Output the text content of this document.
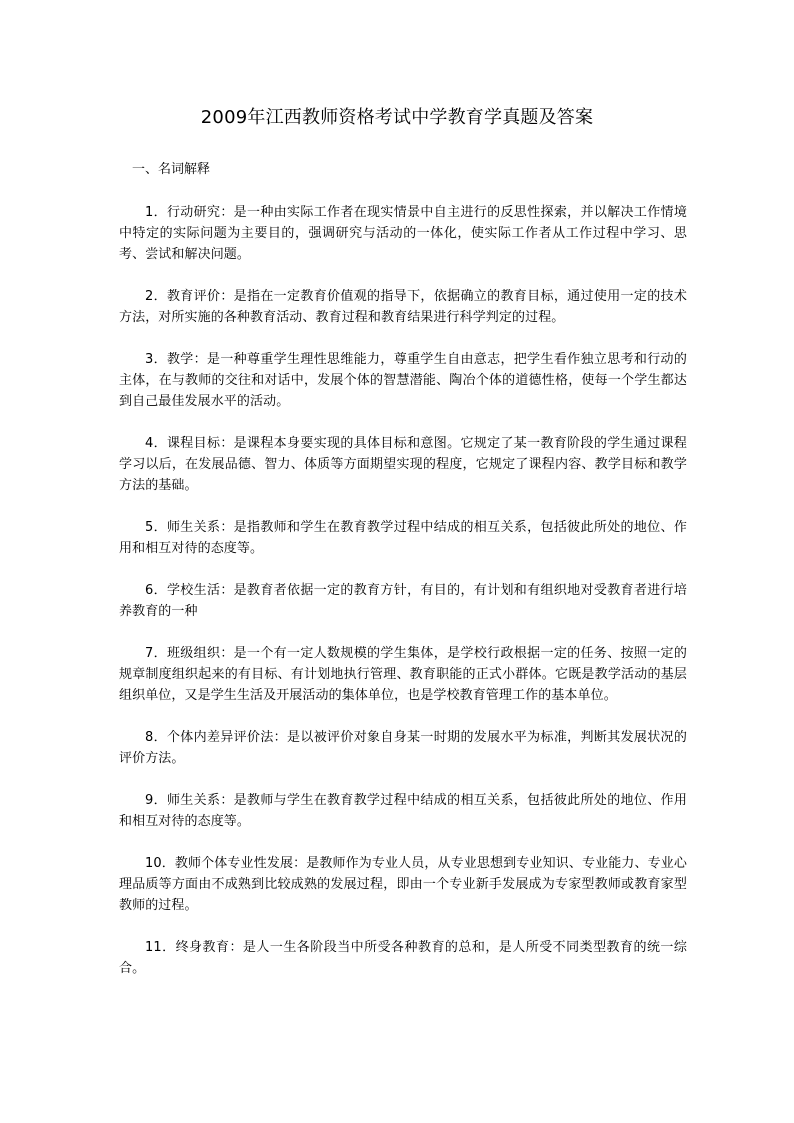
2009年江西教师资格考试中学教育学真题及答案
一、名词解释

1．行动研究：是一种由实际工作者在现实情景中自主进行的反思性探索，并以解决工作情境中特定的实际问题为主要目的，强调研究与活动的一体化，使实际工作者从工作过程中学习、思考、尝试和解决问题。

2．教育评价：是指在一定教育价值观的指导下，依据确立的教育目标，通过使用一定的技术方法，对所实施的各种教育活动、教育过程和教育结果进行科学判定的过程。

3．教学：是一种尊重学生理性思维能力，尊重学生自由意志，把学生看作独立思考和行动的主体，在与教师的交往和对话中，发展个体的智慧潜能、陶冶个体的道德性格，使每一个学生都达到自己最佳发展水平的活动。

4．课程目标：是课程本身要实现的具体目标和意图。它规定了某一教育阶段的学生通过课程学习以后，在发展品德、智力、体质等方面期望实现的程度，它规定了课程内容、教学目标和教学方法的基础。

5．师生关系：是指教师和学生在教育教学过程中结成的相互关系，包括彼此所处的地位、作用和相互对待的态度等。

6．学校生活：是教育者依据一定的教育方针，有目的，有计划和有组织地对受教育者进行培养教育的一种

7．班级组织：是一个有一定人数规模的学生集体，是学校行政根据一定的任务、按照一定的规章制度组织起来的有目标、有计划地执行管理、教育职能的正式小群体。它既是教学活动的基层组织单位，又是学生生活及开展活动的集体单位，也是学校教育管理工作的基本单位。

8．个体内差异评价法：是以被评价对象自身某一时期的发展水平为标准，判断其发展状况的评价方法。

9．师生关系：是教师与学生在教育教学过程中结成的相互关系，包括彼此所处的地位、作用和相互对待的态度等。

10．教师个体专业性发展：是教师作为专业人员，从专业思想到专业知识、专业能力、专业心理品质等方面由不成熟到比较成熟的发展过程，即由一个专业新手发展成为专家型教师或教育家型教师的过程。

11．终身教育：是人一生各阶段当中所受各种教育的总和，是人所受不同类型教育的统一综合。
